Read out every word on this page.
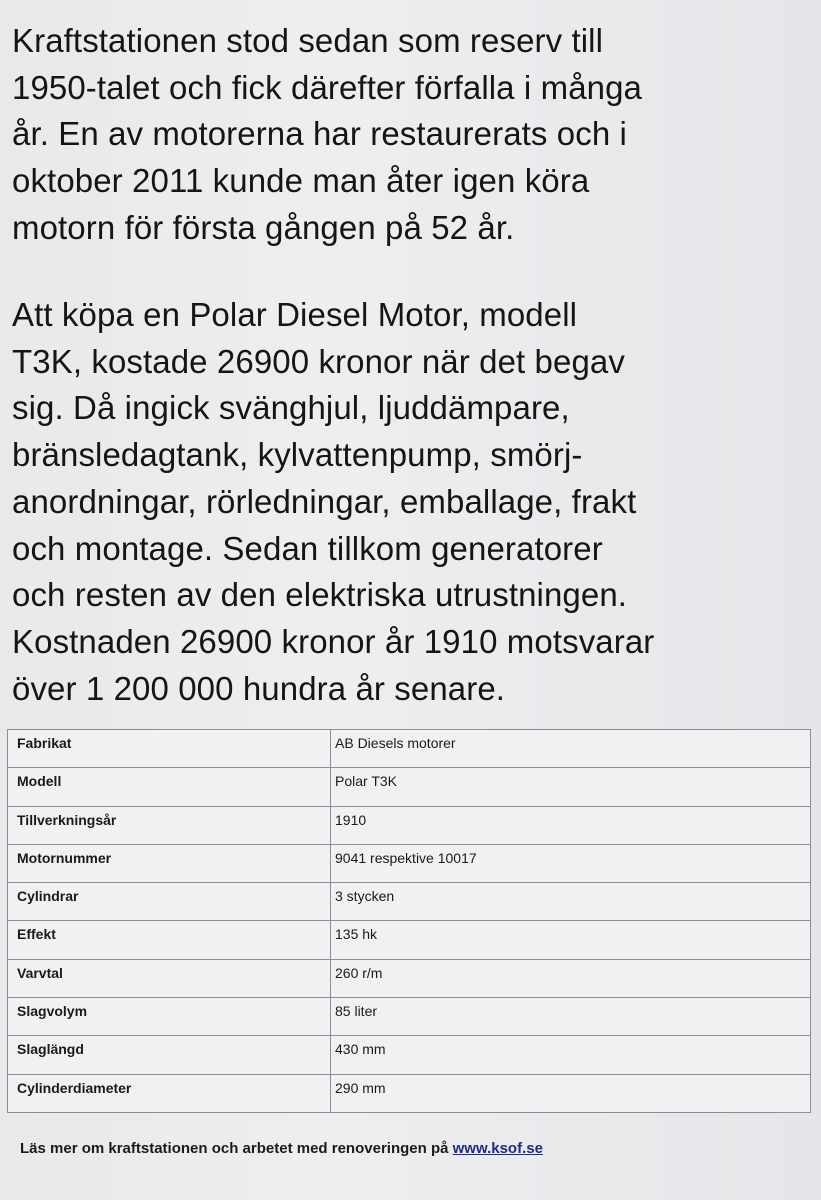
Kraftstationen stod sedan som reserv till
1950-talet och fick därefter förfalla i många
år. En av motorerna har restaurerats och i
oktober 2011 kunde man åter igen köra
motorn för första gången på 52 år.
Att köpa en Polar Diesel Motor, modell
T3K, kostade 26900 kronor när det begav
sig. Då ingick svänghjul, ljuddämpare,
bränsledagtank, kylvattenpump, smörj-
anordningar, rörledningar, emballage, frakt
och montage. Sedan tillkom generatorer
och resten av den elektriska utrustningen.
Kostnaden 26900 kronor år 1910 motsvarar
över 1 200 000 hundra år senare.
Fabrikat	AB Diesels motorer
Modell	Polar T3K
Tillverkningsår	1910
Motornummer	9041 respektive 10017
Cylindrar	3 stycken
Effekt	135 hk
Varvtal	260 r/m
Slagvolym	85 liter
Slaglängd	430 mm
Cylinderdiameter	290 mm
Läs mer om kraftstationen och arbetet med renoveringen på www.ksof.se
